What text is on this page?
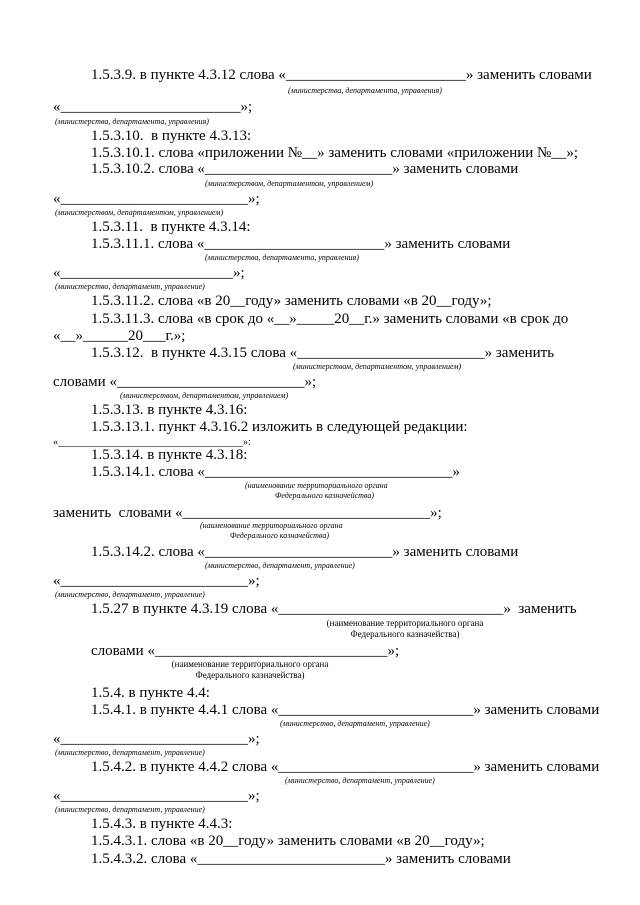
1.5.3.9. в пункте 4.3.12 слова «________________________» заменить словами
(министерства, департамента, управления)
«________________________»;
(министерства, департамента, управления)
1.5.3.10.  в пункте 4.3.13:
1.5.3.10.1. слова «приложении №__» заменить словами «приложении №__»;
1.5.3.10.2. слова «_________________________» заменить словами
(министерством, департаментом, управлением)
«_________________________»;
(министерством, департаментом, управлением)
1.5.3.11.  в пункте 4.3.14:
1.5.3.11.1. слова «________________________» заменить словами
(министерства, департамента, управления)
«_______________________»;
(министерство, департамент, управление)
1.5.3.11.2. слова «в 20__году» заменить словами «в 20__году»;
1.5.3.11.3. слова «в срок до «__»_____20__г.» заменить словами «в срок до
«__»______20___г.»;
1.5.3.12.  в пункте 4.3.15 слова «_________________________» заменить
(министерством, департаментом, управлением)
словами «_________________________»;
(министерством, департаментом, управлением)
1.5.3.13. в пункте 4.3.16:
1.5.3.13.1. пункт 4.3.16.2 изложить в следующей редакции:
«_____________________________________»:
1.5.3.14. в пункте 4.3.18:
1.5.3.14.1. слова «_________________________________»
(наименование территориального органа
Федерального казначейства)
заменить  словами «_________________________________»;
(наименование территориального органа
Федерального казначейства)
1.5.3.14.2. слова «_________________________» заменить словами
(министерство, департамент, управление)
«_________________________»;
(министерство, департамент, управление)
1.5.27 в пункте 4.3.19 слова «______________________________»  заменить
(наименование территориального органа
Федерального казначейства)
словами «_______________________________»;
(наименование территориального органа
Федерального казначейства)
1.5.4. в пункте 4.4:
1.5.4.1. в пункте 4.4.1 слова «__________________________» заменить словами
(министерство, департамент, управление)
«_________________________»;
(министерство, департамент, управление)
1.5.4.2. в пункте 4.4.2 слова «__________________________» заменить словами
(министерство, департамент, управление)
«_________________________»;
(министерство, департамент, управление)
1.5.4.3. в пункте 4.4.3:
1.5.4.3.1. слова «в 20__году» заменить словами «в 20__году»;
1.5.4.3.2. слова «_________________________» заменить словами
